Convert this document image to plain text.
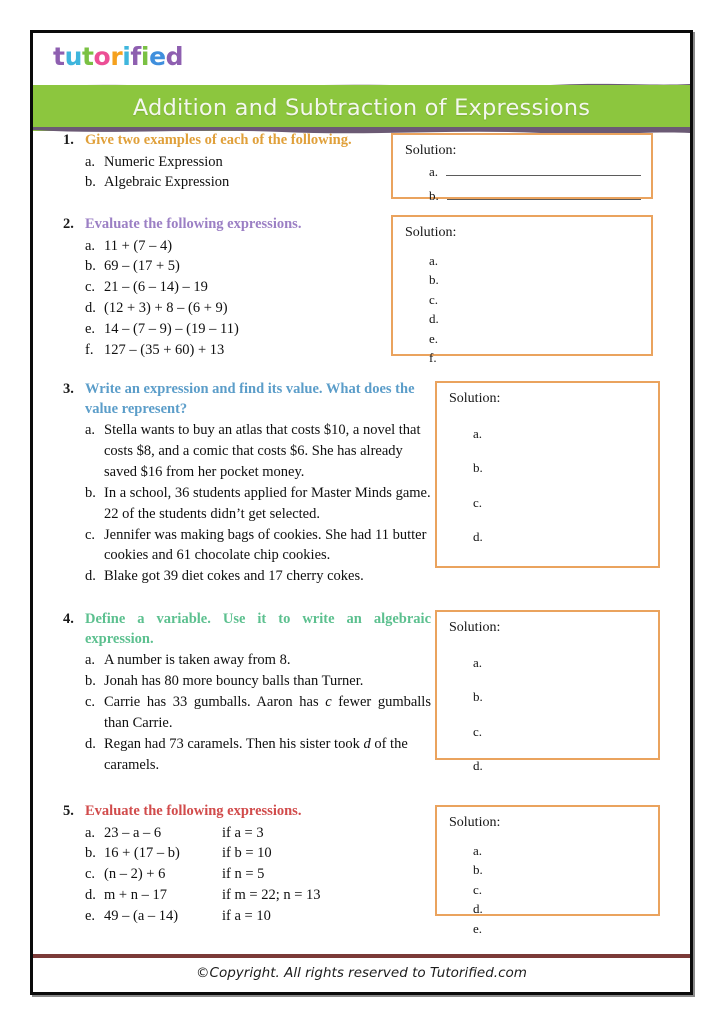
tutorified
Addition and Subtraction of Expressions
1. Give two examples of each of the following.
a. Numeric Expression
b. Algebraic Expression
Solution:
a.
b.
2. Evaluate the following expressions.
a. 11 + (7 – 4)
b. 69 – (17 + 5)
c. 21 – (6 – 14) – 19
d. (12 + 3) + 8 – (6 + 9)
e. 14 – (7 – 9) – (19 – 11)
f. 127 – (35 + 60) + 13
Solution:
a.
b.
c.
d.
e.
f.
3. Write an expression and find its value. What does the value represent?
a. Stella wants to buy an atlas that costs $10, a novel that costs $8, and a comic that costs $6. She has already saved $16 from her pocket money.
b. In a school, 36 students applied for Master Minds game. 22 of the students didn’t get selected.
c. Jennifer was making bags of cookies. She had 11 butter cookies and 61 chocolate chip cookies.
d. Blake got 39 diet cokes and 17 cherry cokes.
Solution:
a.
b.
c.
d.
4. Define a variable. Use it to write an algebraic expression.
a. A number is taken away from 8.
b. Jonah has 80 more bouncy balls than Turner.
c. Carrie has 33 gumballs. Aaron has c fewer gumballs than Carrie.
d. Regan had 73 caramels. Then his sister took d of the caramels.
Solution:
a.
b.
c.
d.
5. Evaluate the following expressions.
a. 23 – a – 6	if a = 3
b. 16 + (17 – b)	if b = 10
c. (n – 2) + 6	if n = 5
d. m + n – 17	if m = 22; n = 13
e. 49 – (a – 14)	if a = 10
Solution:
a.
b.
c.
d.
e.
©Copyright. All rights reserved to Tutorified.com
